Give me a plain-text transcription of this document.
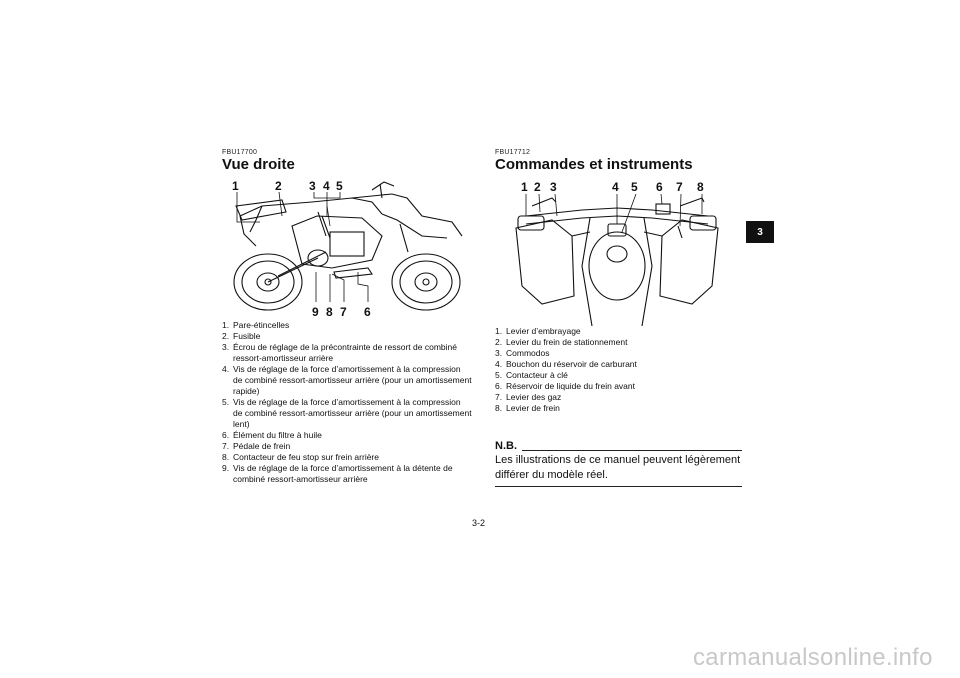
FBU17700
Vue droite
1	2 3 4 5
9 8 7 6
1. Pare-étincelles
2. Fusible
3. Écrou de réglage de la précontrainte de ressort de combiné ressort-amortisseur arrière
4. Vis de réglage de la force d’amortissement à la compression de combiné ressort-amortisseur arrière (pour un amortissement rapide)
5. Vis de réglage de la force d’amortissement à la compression de combiné ressort-amortisseur arrière (pour un amortissement lent)
6. Élément du filtre à huile
7. Pédale de frein
8. Contacteur de feu stop sur frein arrière
9. Vis de réglage de la force d’amortissement à la détente de combiné ressort-amortisseur arrière
FBU17712
Commandes et instruments
1 2 3	4 5 6 7 8
1. Levier d’embrayage
2. Levier du frein de stationnement
3. Commodos
4. Bouchon du réservoir de carburant
5. Contacteur à clé
6. Réservoir de liquide du frein avant
7. Levier des gaz
8. Levier de frein
N.B.
Les illustrations de ce manuel peuvent légèrement différer du modèle réel.
3
3-2
carmanualsonline.info
